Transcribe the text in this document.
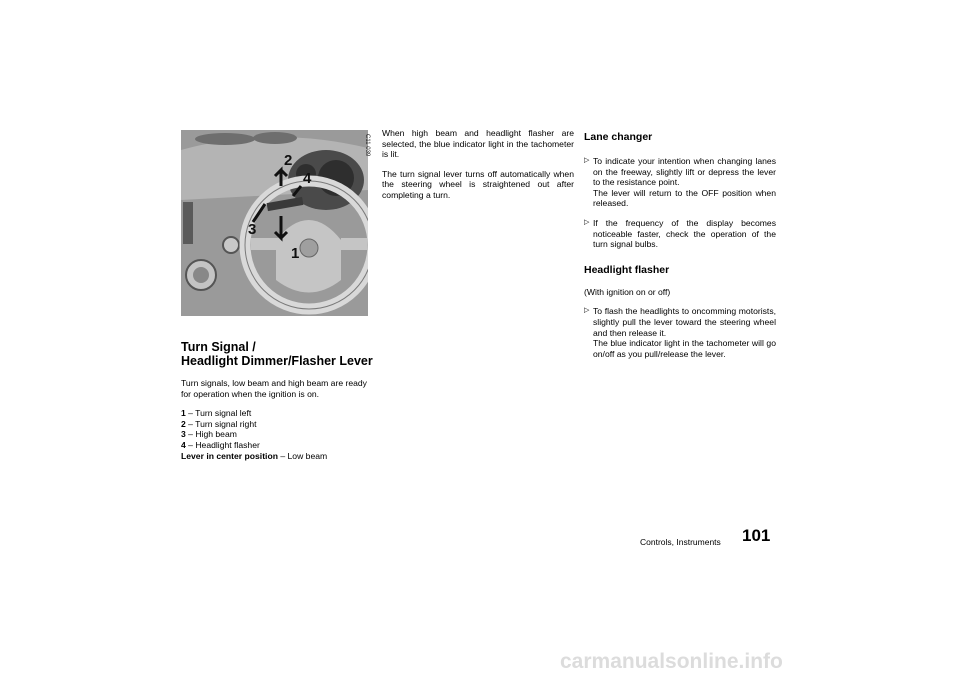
2
4
3
1
C11 039
Turn Signal /
Headlight Dimmer/Flasher Lever

Turn signals, low beam and high beam are ready for operation when the ignition is on.

1 – Turn signal left
2 – Turn signal right
3 – High beam
4 – Headlight flasher
Lever in center position – Low beam

When high beam and headlight flasher are selected, the blue indicator light in the tachometer is lit.

The turn signal lever turns off automatically when the steering wheel is straightened out after completing a turn.

Lane changer
▷ To indicate your intention when changing lanes on the freeway, slightly lift or depress the lever to the resistance point.
The lever will return to the OFF position when released.
▷ If the frequency of the display becomes noticeable faster, check the operation of the turn signal bulbs.
Headlight flasher

(With ignition on or off)

▷ To flash the headlights to oncomming motorists, slightly pull the lever toward the steering wheel and then release it.
The blue indicator light in the tachometer will go on/off as you pull/release the lever.
Controls, Instruments 101
carmanualsonline.info
